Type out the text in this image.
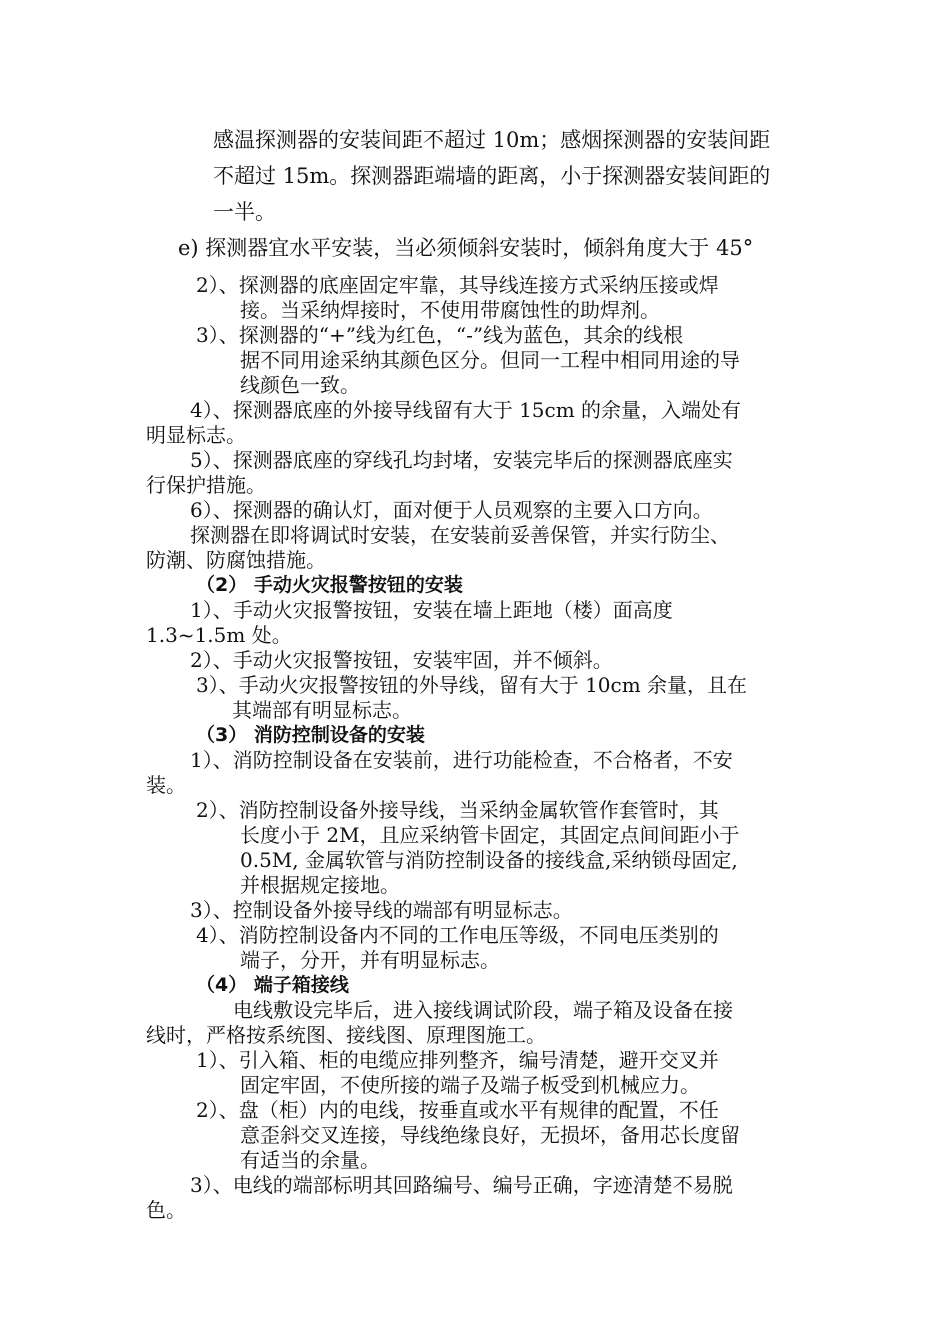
感温探测器的安装间距不超过 10m；感烟探测器的安装间距
不超过 15m。探测器距端墙的距离，小于探测器安装间距的
一半。
e) 探测器宜水平安装，当必须倾斜安装时，倾斜角度大于 45°
2）、探测器的底座固定牢靠，其导线连接方式采纳压接或焊
接。当采纳焊接时，不使用带腐蚀性的助焊剂。
3）、探测器的“+”线为红色，“-”线为蓝色，其余的线根
据不同用途采纳其颜色区分。但同一工程中相同用途的导
线颜色一致。
4）、探测器底座的外接导线留有大于 15cm 的余量，入端处有
明显标志。
5）、探测器底座的穿线孔均封堵，安装完毕后的探测器底座实
行保护措施。
6）、探测器的确认灯，面对便于人员观察的主要入口方向。
探测器在即将调试时安装，在安装前妥善保管，并实行防尘、
防潮、防腐蚀措施。
（2） 手动火灾报警按钮的安装
1）、手动火灾报警按钮，安装在墙上距地（楼）面高度
1.3~1.5m 处。
2）、手动火灾报警按钮，安装牢固，并不倾斜。
3）、手动火灾报警按钮的外导线，留有大于 10cm 余量，且在
其端部有明显标志。
（3） 消防控制设备的安装
1）、消防控制设备在安装前，进行功能检查，不合格者，不安
装。
2）、消防控制设备外接导线，当采纳金属软管作套管时，其
长度小于 2M，且应采纳管卡固定，其固定点间间距小于
0.5M, 金属软管与消防控制设备的接线盒,采纳锁母固定,
并根据规定接地。
3）、控制设备外接导线的端部有明显标志。
4）、消防控制设备内不同的工作电压等级，不同电压类别的
端子，分开，并有明显标志。
（4） 端子箱接线
电线敷设完毕后，进入接线调试阶段，端子箱及设备在接
线时，严格按系统图、接线图、原理图施工。
1）、引入箱、柜的电缆应排列整齐，编号清楚，避开交叉并
固定牢固，不使所接的端子及端子板受到机械应力。
2）、盘（柜）内的电线，按垂直或水平有规律的配置，不任
意歪斜交叉连接，导线绝缘良好，无损坏，备用芯长度留
有适当的余量。
3）、电线的端部标明其回路编号、编号正确，字迹清楚不易脱
色。
